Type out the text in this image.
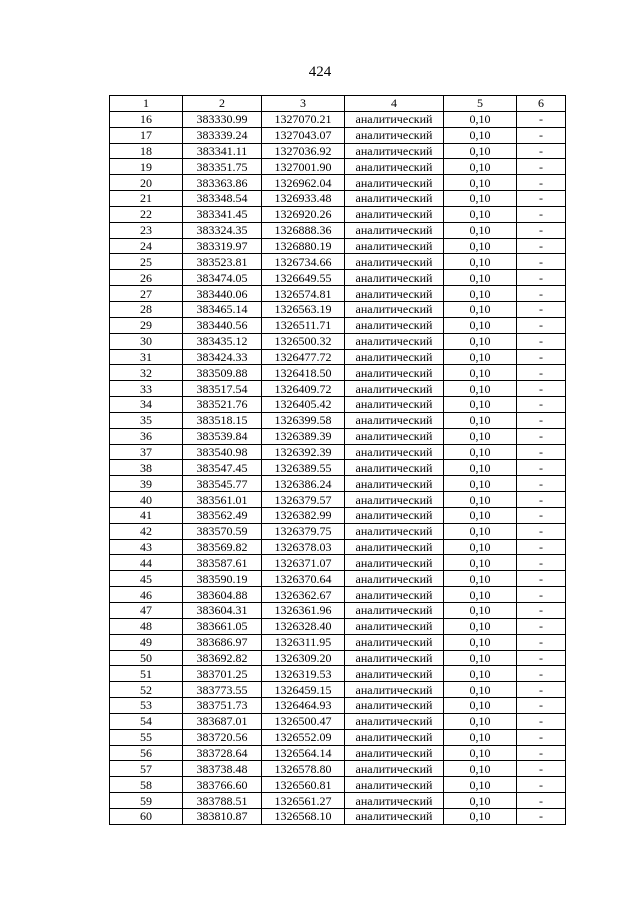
424
1	2	3	4	5	6
16	383330.99	1327070.21	аналитический	0,10	-
17	383339.24	1327043.07	аналитический	0,10	-
18	383341.11	1327036.92	аналитический	0,10	-
19	383351.75	1327001.90	аналитический	0,10	-
20	383363.86	1326962.04	аналитический	0,10	-
21	383348.54	1326933.48	аналитический	0,10	-
22	383341.45	1326920.26	аналитический	0,10	-
23	383324.35	1326888.36	аналитический	0,10	-
24	383319.97	1326880.19	аналитический	0,10	-
25	383523.81	1326734.66	аналитический	0,10	-
26	383474.05	1326649.55	аналитический	0,10	-
27	383440.06	1326574.81	аналитический	0,10	-
28	383465.14	1326563.19	аналитический	0,10	-
29	383440.56	1326511.71	аналитический	0,10	-
30	383435.12	1326500.32	аналитический	0,10	-
31	383424.33	1326477.72	аналитический	0,10	-
32	383509.88	1326418.50	аналитический	0,10	-
33	383517.54	1326409.72	аналитический	0,10	-
34	383521.76	1326405.42	аналитический	0,10	-
35	383518.15	1326399.58	аналитический	0,10	-
36	383539.84	1326389.39	аналитический	0,10	-
37	383540.98	1326392.39	аналитический	0,10	-
38	383547.45	1326389.55	аналитический	0,10	-
39	383545.77	1326386.24	аналитический	0,10	-
40	383561.01	1326379.57	аналитический	0,10	-
41	383562.49	1326382.99	аналитический	0,10	-
42	383570.59	1326379.75	аналитический	0,10	-
43	383569.82	1326378.03	аналитический	0,10	-
44	383587.61	1326371.07	аналитический	0,10	-
45	383590.19	1326370.64	аналитический	0,10	-
46	383604.88	1326362.67	аналитический	0,10	-
47	383604.31	1326361.96	аналитический	0,10	-
48	383661.05	1326328.40	аналитический	0,10	-
49	383686.97	1326311.95	аналитический	0,10	-
50	383692.82	1326309.20	аналитический	0,10	-
51	383701.25	1326319.53	аналитический	0,10	-
52	383773.55	1326459.15	аналитический	0,10	-
53	383751.73	1326464.93	аналитический	0,10	-
54	383687.01	1326500.47	аналитический	0,10	-
55	383720.56	1326552.09	аналитический	0,10	-
56	383728.64	1326564.14	аналитический	0,10	-
57	383738.48	1326578.80	аналитический	0,10	-
58	383766.60	1326560.81	аналитический	0,10	-
59	383788.51	1326561.27	аналитический	0,10	-
60	383810.87	1326568.10	аналитический	0,10	-
